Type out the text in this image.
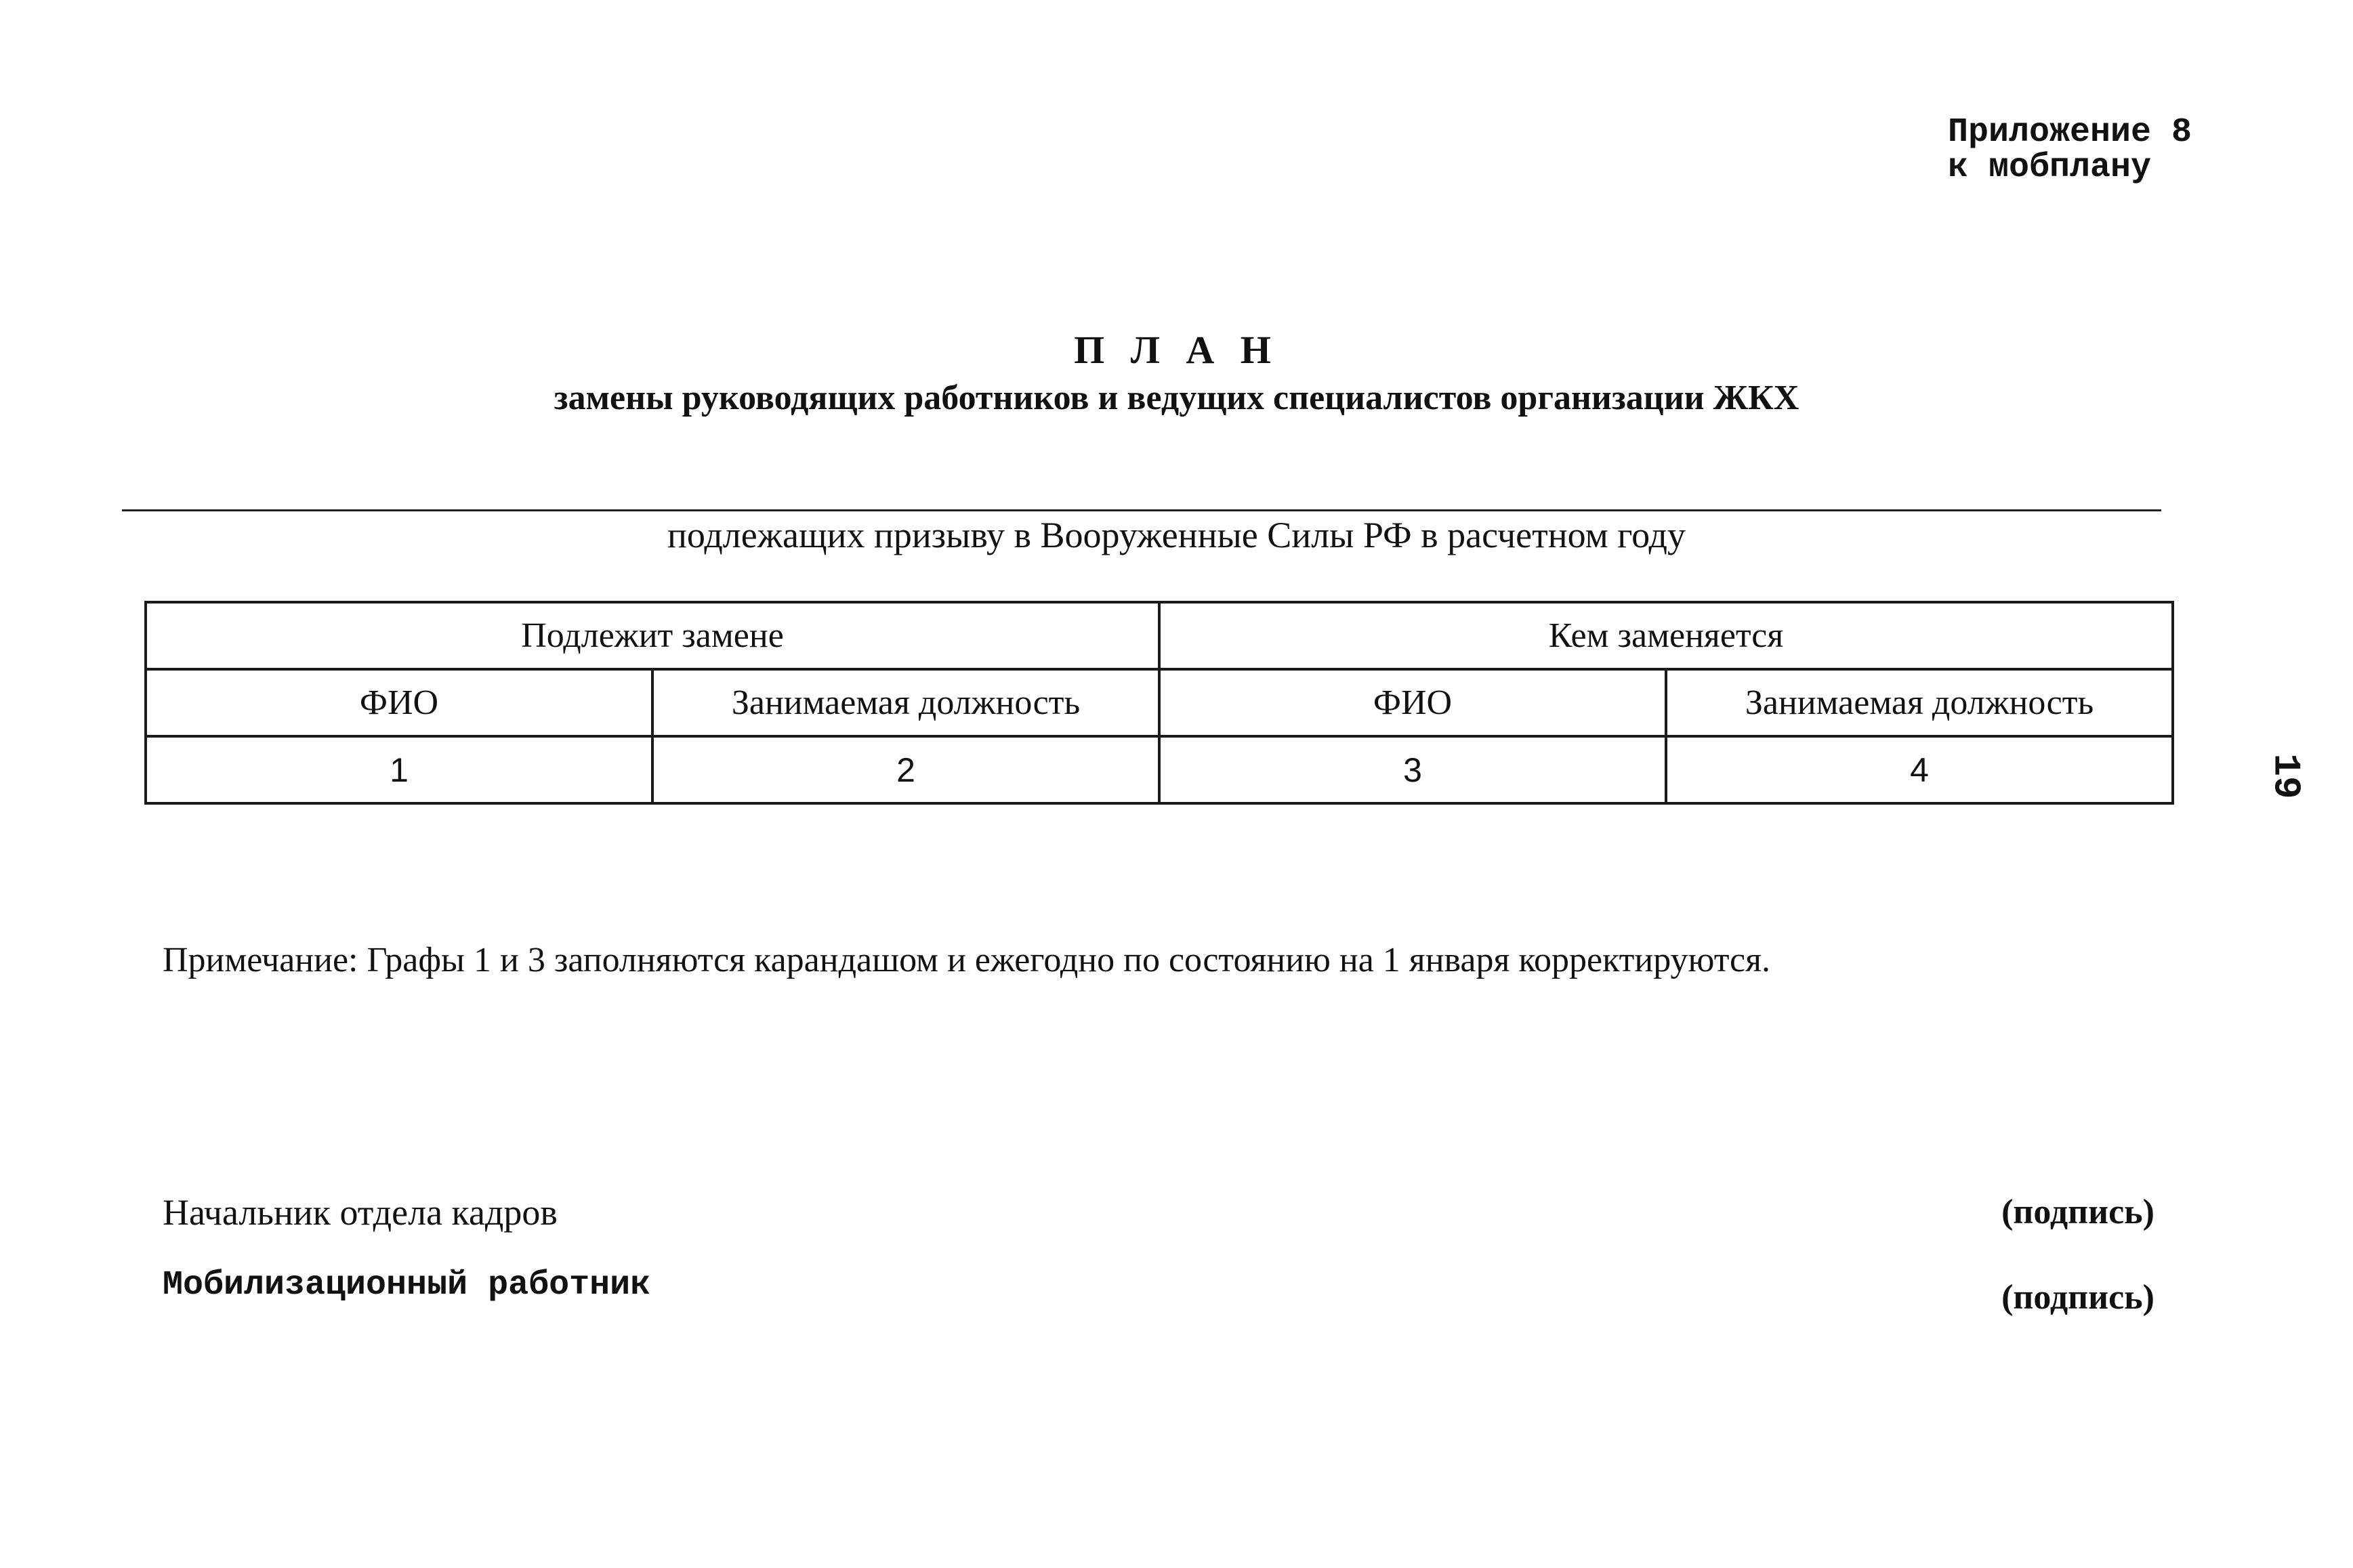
Приложение 8
к мобплану
П Л А Н
замены руководящих работников и ведущих специалистов организации ЖКХ
подлежащих призыву в Вооруженные Силы РФ в расчетном году
Подлежит замене		Кем заменяется	
ФИО	Занимаемая должность	ФИО	Занимаемая должность
1	2	3	4
Примечание: Графы 1 и 3 заполняются карандашом и ежегодно по состоянию на 1 января корректируются.
Начальник отдела кадров	(подпись)
Мобилизационный работник	(подпись)
19
